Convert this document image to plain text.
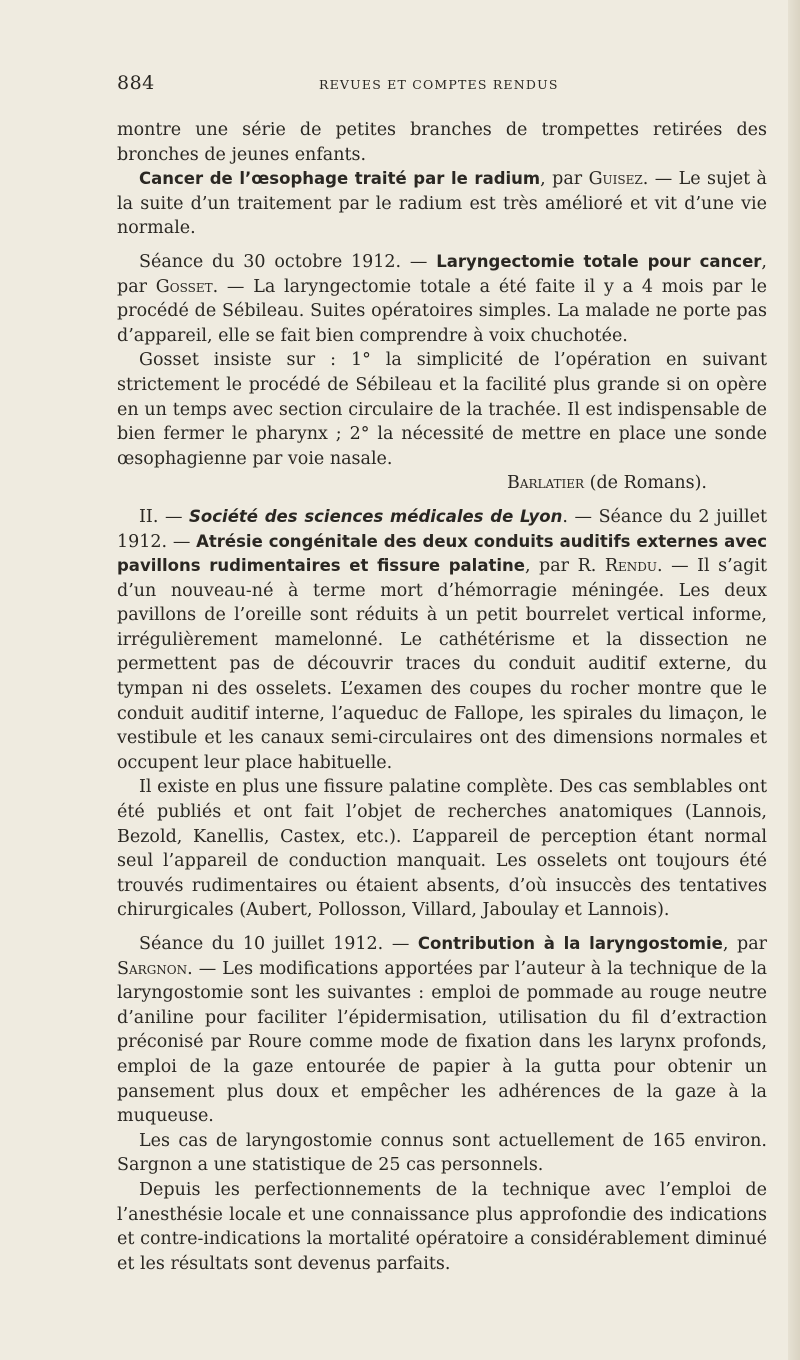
884	REVUES ET COMPTES RENDUS

montre une série de petites branches de trompettes retirées des bronches de jeunes enfants.

Cancer de l’œsophage traité par le radium, par Guisez. — Le sujet à la suite d’un traitement par le radium est très amélioré et vit d’une vie normale.

Séance du 30 octobre 1912. — Laryngectomie totale pour cancer, par Gosset. — La laryngectomie totale a été faite il y a 4 mois par le procédé de Sébileau. Suites opératoires simples. La malade ne porte pas d’appareil, elle se fait bien comprendre à voix chuchotée.

Gosset insiste sur : 1° la simplicité de l’opération en suivant strictement le procédé de Sébileau et la facilité plus grande si on opère en un temps avec section circulaire de la trachée. Il est indispensable de bien fermer le pharynx ; 2° la nécessité de mettre en place une sonde œsophagienne par voie nasale.

Barlatier (de Romans).

II. — Société des sciences médicales de Lyon. — Séance du 2 juillet 1912. — Atrésie congénitale des deux conduits auditifs externes avec pavillons rudimentaires et fissure palatine, par R. Rendu. — Il s’agit d’un nouveau-né à terme mort d’hémorragie méningée. Les deux pavillons de l’oreille sont réduits à un petit bourrelet vertical informe, irrégulièrement mamelonné. Le cathétérisme et la dissection ne permettent pas de découvrir traces du conduit auditif externe, du tympan ni des osselets. L’examen des coupes du rocher montre que le conduit auditif interne, l’aqueduc de Fallope, les spirales du limaçon, le vestibule et les canaux semi-circulaires ont des dimensions normales et occupent leur place habituelle.

Il existe en plus une fissure palatine complète. Des cas semblables ont été publiés et ont fait l’objet de recherches anatomiques (Lannois, Bezold, Kanellis, Castex, etc.). L’appareil de perception étant normal seul l’appareil de conduction manquait. Les osselets ont toujours été trouvés rudimentaires ou étaient absents, d’où insuccès des tentatives chirurgicales (Aubert, Pollosson, Villard, Jaboulay et Lannois).

Séance du 10 juillet 1912. — Contribution à la laryngostomie, par Sargnon. — Les modifications apportées par l’auteur à la technique de la laryngostomie sont les suivantes : emploi de pommade au rouge neutre d’aniline pour faciliter l’épidermisation, utilisation du fil d’extraction préconisé par Roure comme mode de fixation dans les larynx profonds, emploi de la gaze entourée de papier à la gutta pour obtenir un pansement plus doux et empêcher les adhérences de la gaze à la muqueuse.

Les cas de laryngostomie connus sont actuellement de 165 environ. Sargnon a une statistique de 25 cas personnels.

Depuis les perfectionnements de la technique avec l’emploi de l’anesthésie locale et une connaissance plus approfondie des indications et contre-indications la mortalité opératoire a considérablement diminué et les résultats sont devenus parfaits.
